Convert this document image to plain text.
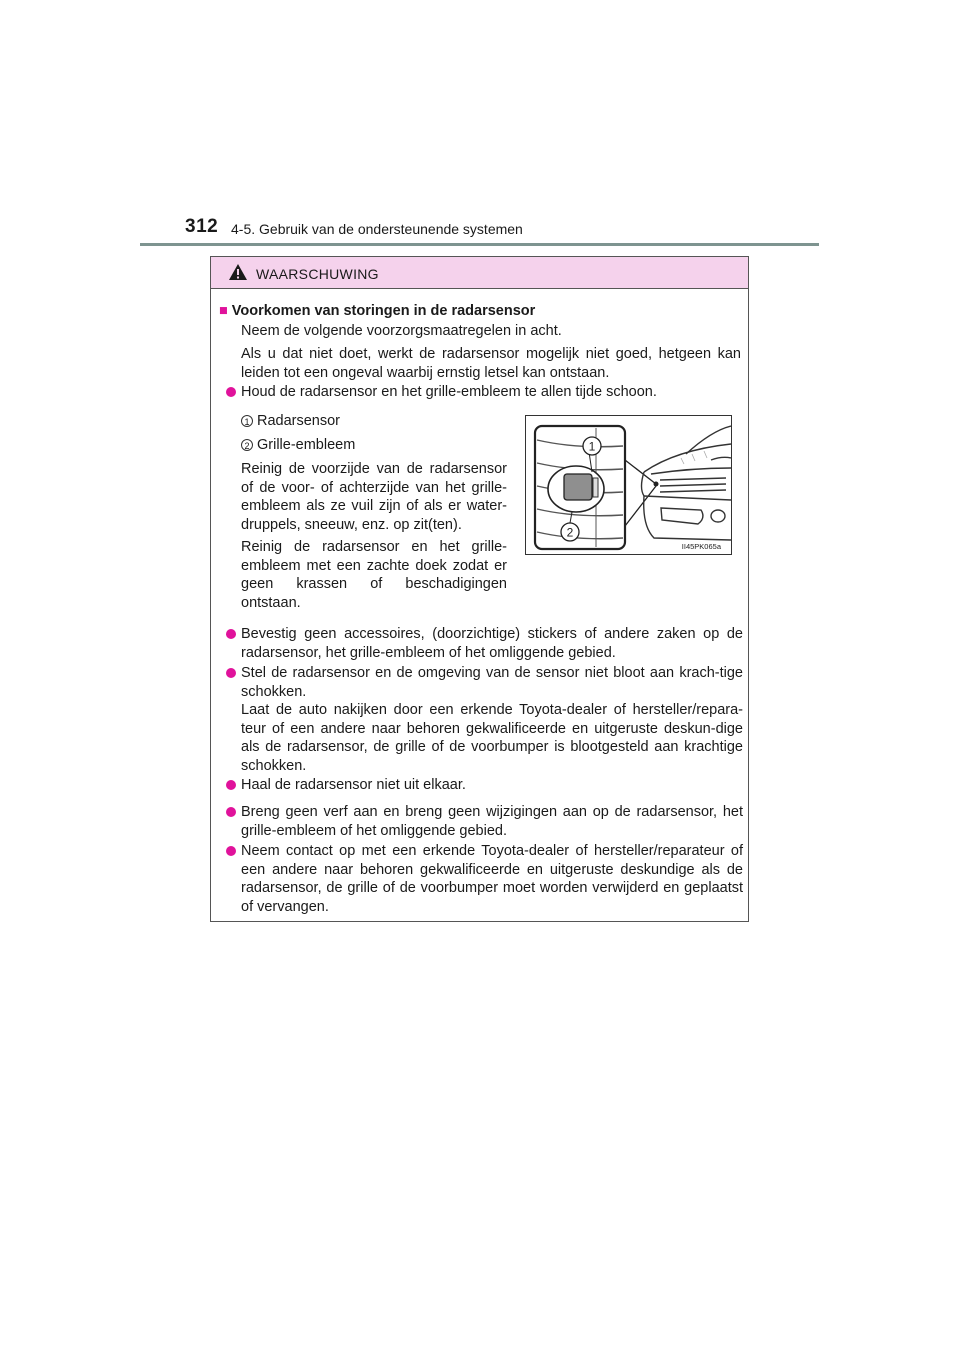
312 4-5. Gebruik van de ondersteunende systemen
WAARSCHUWING
■ Voorkomen van storingen in de radarsensor
Neem de volgende voorzorgsmaatregelen in acht.
Als u dat niet doet, werkt de radarsensor mogelijk niet goed, hetgeen kan leiden tot een ongeval waarbij ernstig letsel kan ontstaan.
Houd de radarsensor en het grille-embleem te allen tijde schoon.
1 Radarsensor
2 Grille-embleem
Reinig de voorzijde van de radarsensor of de voor- of achterzijde van het grille-embleem als ze vuil zijn of als er water-druppels, sneeuw, enz. op zit(ten).
Reinig de radarsensor en het grille-embleem met een zachte doek zodat er geen krassen of beschadigingen ontstaan.
II45PK065a
1
2
Bevestig geen accessoires, (doorzichtige) stickers of andere zaken op de radarsensor, het grille-embleem of het omliggende gebied.
Stel de radarsensor en de omgeving van de sensor niet bloot aan krach-tige schokken.
Laat de auto nakijken door een erkende Toyota-dealer of hersteller/repara-teur of een andere naar behoren gekwalificeerde en uitgeruste deskun-dige als de radarsensor, de grille of de voorbumper is blootgesteld aan krachtige schokken.
Haal de radarsensor niet uit elkaar.
Breng geen verf aan en breng geen wijzigingen aan op de radarsensor, het grille-embleem of het omliggende gebied.
Neem contact op met een erkende Toyota-dealer of hersteller/reparateur of een andere naar behoren gekwalificeerde en uitgeruste deskundige als de radarsensor, de grille of de voorbumper moet worden verwijderd en geplaatst of vervangen.
